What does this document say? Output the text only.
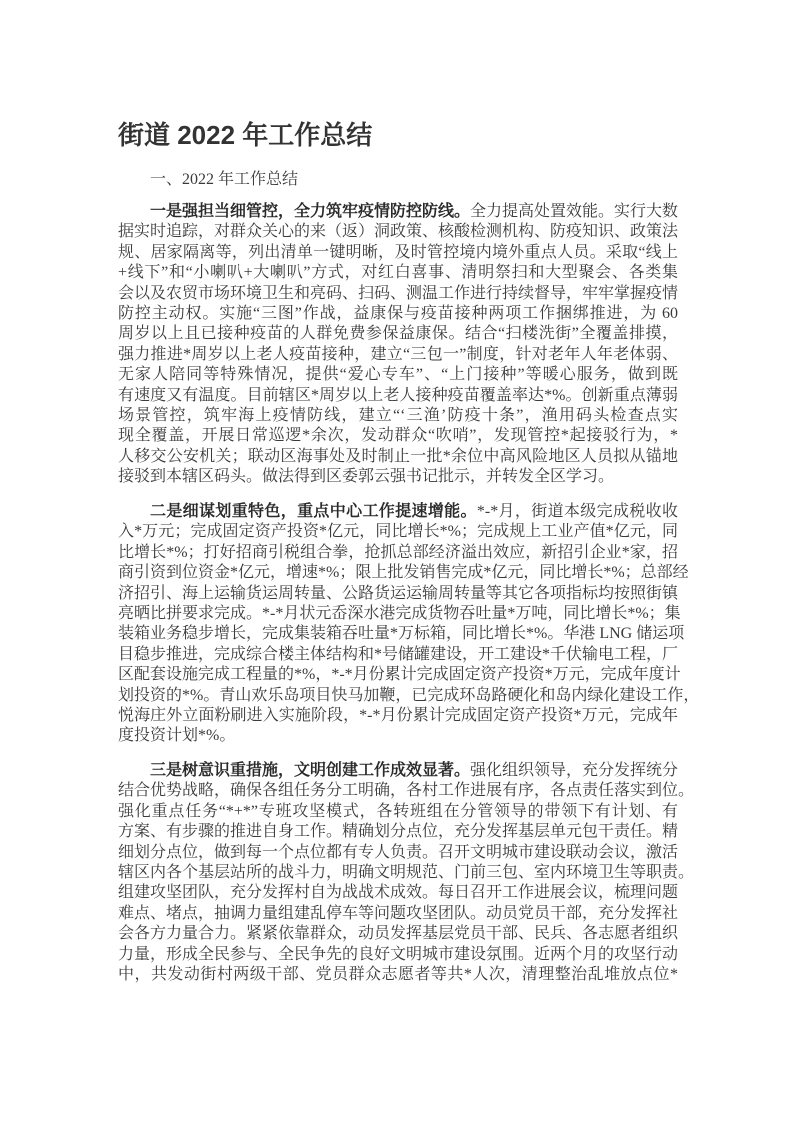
街道 2022 年工作总结
一、2022 年工作总结
一是强担当细管控，全力筑牢疫情防控防线。全力提高处置效能。实行大数
据实时追踪，对群众关心的来（返）洞政策、核酸检测机构、防疫知识、政策法
规、居家隔离等，列出清单一键明晰，及时管控境内境外重点人员。采取“线上
+线下”和“小喇叭+大喇叭”方式，对红白喜事、清明祭扫和大型聚会、各类集
会以及农贸市场环境卫生和亮码、扫码、测温工作进行持续督导，牢牢掌握疫情
防控主动权。实施“三图”作战，益康保与疫苗接种两项工作捆绑推进，为 60
周岁以上且已接种疫苗的人群免费参保益康保。结合“扫楼洗街”全覆盖排摸，
强力推进*周岁以上老人疫苗接种，建立“三包一”制度，针对老年人年老体弱、
无家人陪同等特殊情况，提供“爱心专车”、“上门接种”等暖心服务，做到既
有速度又有温度。目前辖区*周岁以上老人接种疫苗覆盖率达*%。创新重点薄弱
场景管控，筑牢海上疫情防线，建立“‘三渔’防疫十条”，渔用码头检查点实
现全覆盖，开展日常巡逻*余次，发动群众“吹哨”，发现管控*起接驳行为，*
人移交公安机关；联动区海事处及时制止一批*余位中高风险地区人员拟从锚地
接驳到本辖区码头。做法得到区委郭云强书记批示，并转发全区学习。
二是细谋划重特色，重点中心工作提速增能。*-*月，街道本级完成税收收
入*万元；完成固定资产投资*亿元，同比增长*%；完成规上工业产值*亿元，同
比增长*%；打好招商引税组合拳，抢抓总部经济溢出效应，新招引企业*家，招
商引资到位资金*亿元，增速*%；限上批发销售完成*亿元，同比增长*%；总部经
济招引、海上运输货运周转量、公路货运运输周转量等其它各项指标均按照街镇
亮晒比拼要求完成。*-*月状元岙深水港完成货物吞吐量*万吨，同比增长*%；集
装箱业务稳步增长，完成集装箱吞吐量*万标箱，同比增长*%。华港 LNG 储运项
目稳步推进，完成综合楼主体结构和*号储罐建设，开工建设*千伏输电工程，厂
区配套设施完成工程量的*%，*-*月份累计完成固定资产投资*万元，完成年度计
划投资的*%。青山欢乐岛项目快马加鞭，已完成环岛路硬化和岛内绿化建设工作，
悦海庄外立面粉刷进入实施阶段，*-*月份累计完成固定资产投资*万元，完成年
度投资计划*%。
三是树意识重措施，文明创建工作成效显著。强化组织领导，充分发挥统分
结合优势战略，确保各组任务分工明确，各村工作进展有序，各点责任落实到位。
强化重点任务“*+*”专班攻坚模式，各转班组在分管领导的带领下有计划、有
方案、有步骤的推进自身工作。精确划分点位，充分发挥基层单元包干责任。精
细划分点位，做到每一个点位都有专人负责。召开文明城市建设联动会议，激活
辖区内各个基层站所的战斗力，明确文明规范、门前三包、室内环境卫生等职责。
组建攻坚团队，充分发挥村自为战战术成效。每日召开工作进展会议，梳理问题
难点、堵点，抽调力量组建乱停车等问题攻坚团队。动员党员干部，充分发挥社
会各方力量合力。紧紧依靠群众，动员发挥基层党员干部、民兵、各志愿者组织
力量，形成全民参与、全民争先的良好文明城市建设氛围。近两个月的攻坚行动
中，共发动街村两级干部、党员群众志愿者等共*人次，清理整治乱堆放点位*
